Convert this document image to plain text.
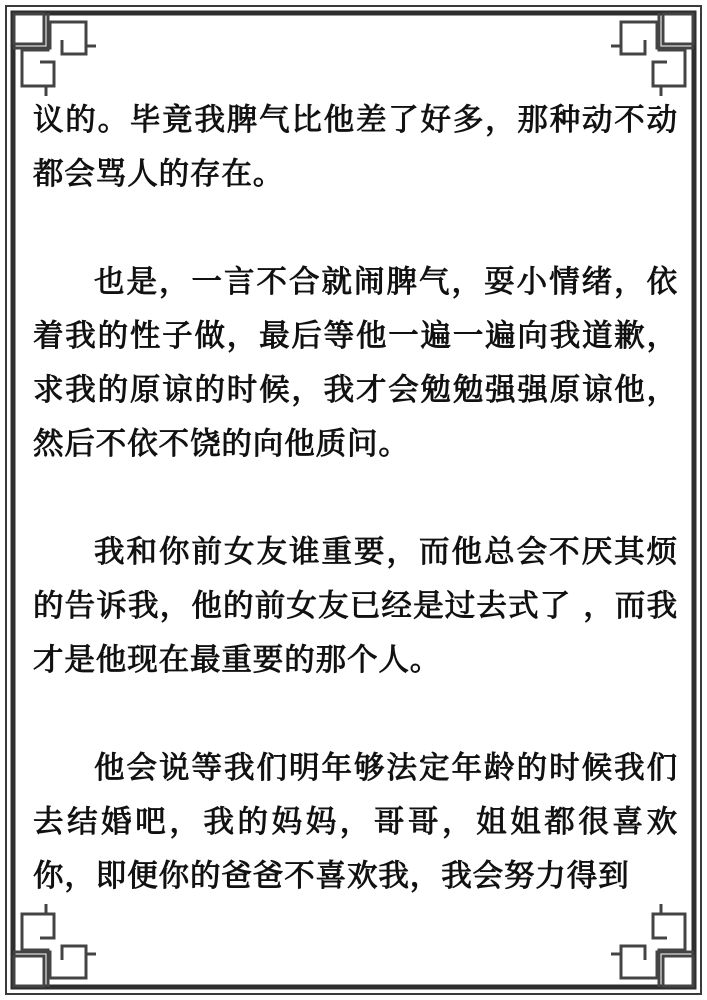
议的。毕竟我脾气比他差了好多，那种动不动都会骂人的存在。

也是，一言不合就闹脾气，耍小情绪，依着我的性子做，最后等他一遍一遍向我道歉，求我的原谅的时候，我才会勉勉强强原谅他，然后不依不饶的向他质问。

我和你前女友谁重要，而他总会不厌其烦的告诉我，他的前女友已经是过去式了 ，而我才是他现在最重要的那个人。

他会说等我们明年够法定年龄的时候我们去结婚吧，我的妈妈，哥哥，姐姐都很喜欢你，即便你的爸爸不喜欢我，我会努力得到
